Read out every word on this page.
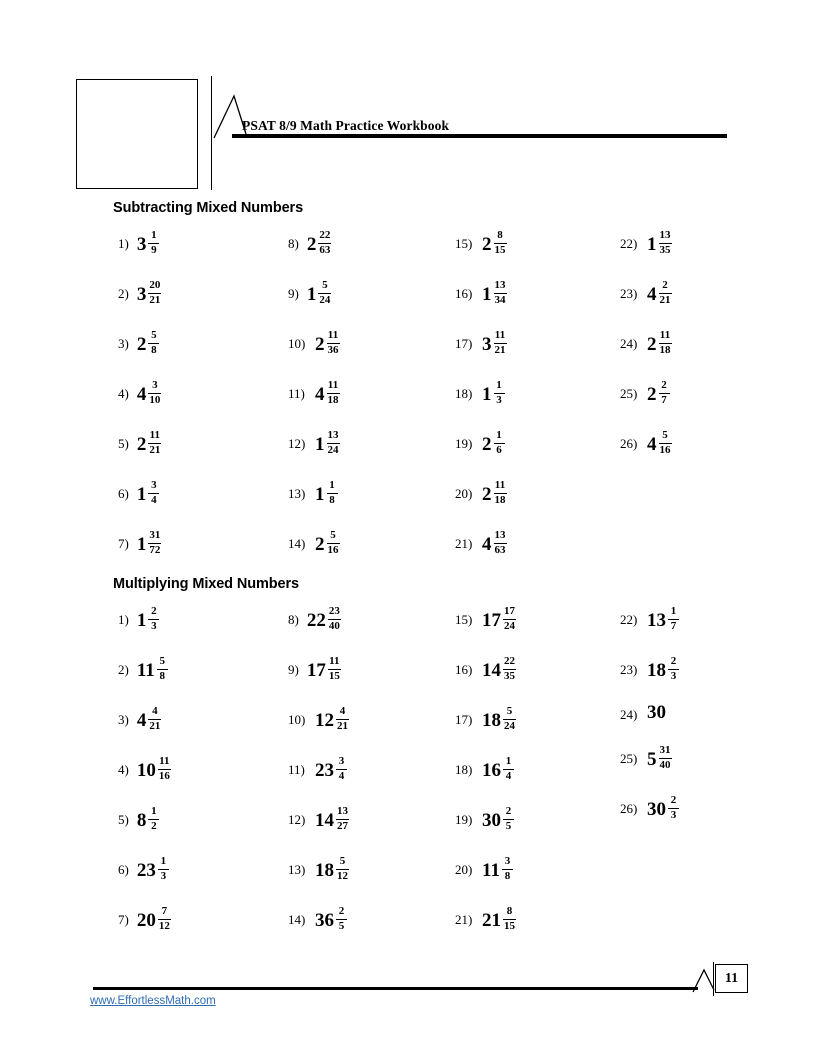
PSAT 8/9 Math Practice Workbook
Subtracting Mixed Numbers
Multiplying Mixed Numbers
1) $3 \frac{1}{9}$
2) $3 \frac{20}{21}$
3) $2 \frac{5}{8}$
4) $4 \frac{3}{10}$
5) $2 \frac{11}{21}$
6) $1 \frac{3}{4}$
7) $1 \frac{31}{72}$
8) $2 \frac{22}{63}$
9) $1 \frac{5}{24}$
10) $2 \frac{11}{36}$
11) $4 \frac{11}{18}$
12) $1 \frac{13}{24}$
13) $1 \frac{1}{8}$
14) $2 \frac{5}{16}$
15) $2 \frac{8}{15}$
16) $1 \frac{13}{34}$
17) $3 \frac{11}{21}$
18) $1 \frac{1}{3}$
19) $2 \frac{1}{6}$
20) $2 \frac{11}{18}$
21) $4 \frac{13}{63}$
22) $1 \frac{13}{35}$
23) $4 \frac{2}{21}$
24) $2 \frac{11}{18}$
25) $2 \frac{2}{7}$
26) $4 \frac{5}{16}$
1) $1 \frac{2}{3}$
2) $11 \frac{5}{8}$
3) $4 \frac{4}{21}$
4) $10 \frac{11}{16}$
5) $8 \frac{1}{2}$
6) $23 \frac{1}{3}$
7) $20 \frac{7}{12}$
8) $22 \frac{23}{40}$
9) $17 \frac{11}{15}$
10) $12 \frac{4}{21}$
11) $23 \frac{3}{4}$
12) $14 \frac{13}{27}$
13) $18 \frac{5}{12}$
14) $36 \frac{2}{5}$
15) $17 \frac{17}{24}$
16) $14 \frac{22}{35}$
17) $18 \frac{5}{24}$
18) $16 \frac{1}{4}$
19) $30 \frac{2}{5}$
20) $11 \frac{3}{8}$
21) $21 \frac{8}{15}$
22) $13 \frac{1}{7}$
23) $18 \frac{2}{3}$
24) 30
25) $5 \frac{31}{40}$
26) $30 \frac{2}{3}$
11
www.EffortlessMath.com
